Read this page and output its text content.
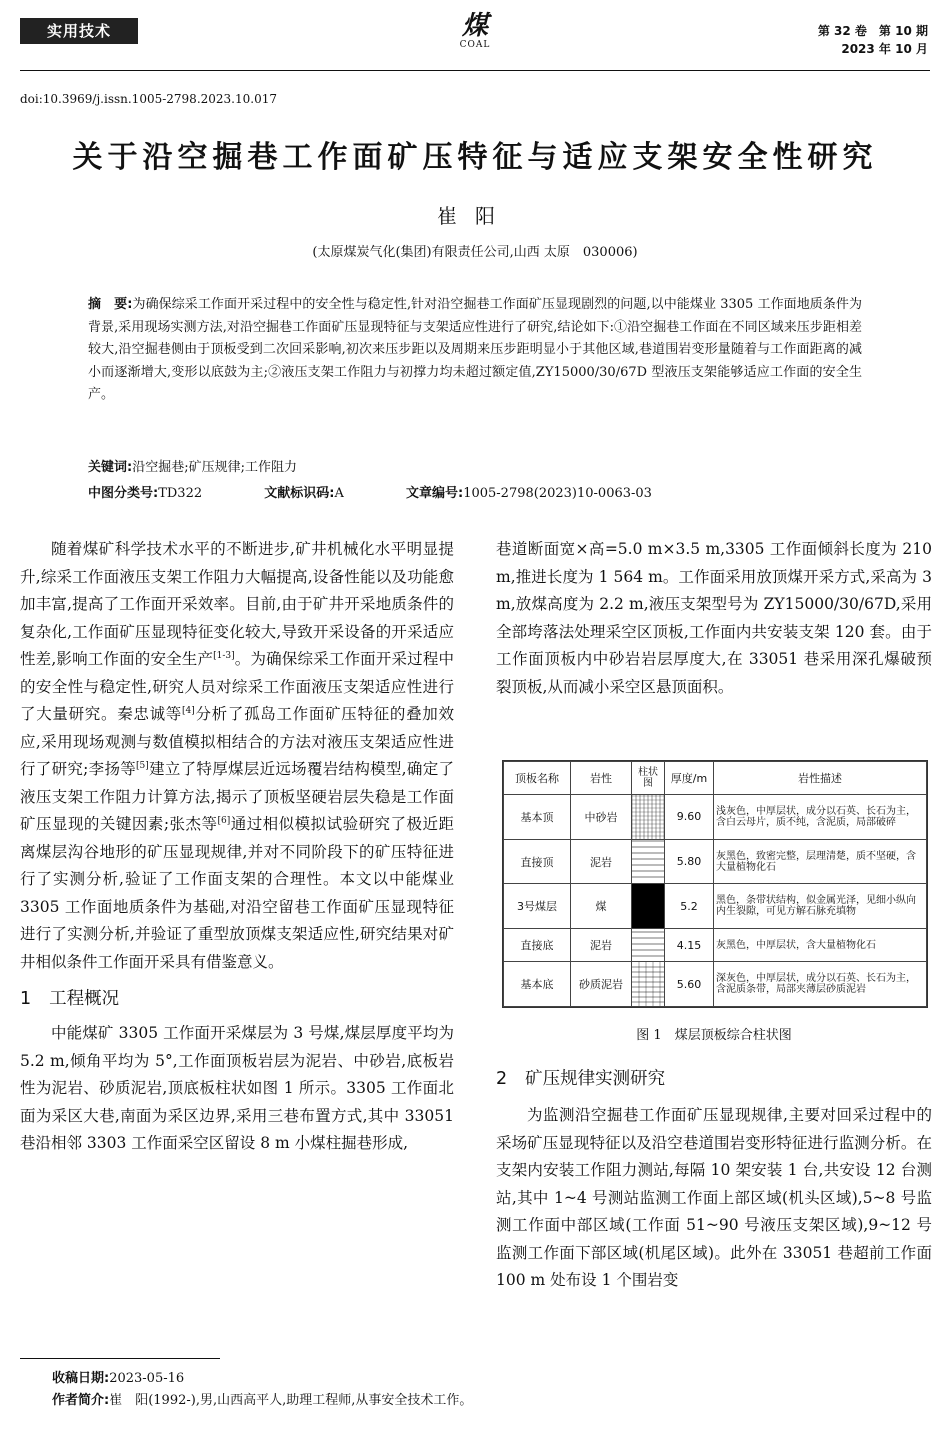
实用技术	煤
COAL
第 32 卷　第 10 期
2023 年 10 月
doi:10.3969/j.issn.1005-2798.2023.10.017
关于沿空掘巷工作面矿压特征与适应支架安全性研究
崔阳
(太原煤炭气化(集团)有限责任公司,山西 太原　030006)
摘　要:为确保综采工作面开采过程中的安全性与稳定性,针对沿空掘巷工作面矿压显现剧烈的问题,以中能煤业 3305 工作面地质条件为背景,采用现场实测方法,对沿空掘巷工作面矿压显现特征与支架适应性进行了研究,结论如下:①沿空掘巷工作面在不同区域来压步距相差较大,沿空掘巷侧由于顶板受到二次回采影响,初次来压步距以及周期来压步距明显小于其他区域,巷道围岩变形量随着与工作面距离的减小而逐渐增大,变形以底鼓为主;②液压支架工作阻力与初撑力均未超过额定值,ZY15000/30/67D 型液压支架能够适应工作面的安全生产。
关键词:沿空掘巷;矿压规律;工作阻力
中图分类号:TD322	文献标识码:A	文章编号:1005-2798(2023)10-0063-03

随着煤矿科学技术水平的不断进步,矿井机械化水平明显提升,综采工作面液压支架工作阻力大幅提高,设备性能以及功能愈加丰富,提高了工作面开采效率。目前,由于矿井开采地质条件的复杂化,工作面矿压显现特征变化较大,导致开采设备的开采适应性差,影响工作面的安全生产[1-3]。为确保综采工作面开采过程中的安全性与稳定性,研究人员对综采工作面液压支架适应性进行了大量研究。秦忠诚等[4]分析了孤岛工作面矿压特征的叠加效应,采用现场观测与数值模拟相结合的方法对液压支架适应性进行了研究;李扬等[5]建立了特厚煤层近远场覆岩结构模型,确定了液压支架工作阻力计算方法,揭示了顶板坚硬岩层失稳是工作面矿压显现的关键因素;张杰等[6]通过相似模拟试验研究了极近距离煤层沟谷地形的矿压显现规律,并对不同阶段下的矿压特征进行了实测分析,验证了工作面支架的合理性。本文以中能煤业 3305 工作面地质条件为基础,对沿空留巷工作面矿压显现特征进行了实测分析,并验证了重型放顶煤支架适应性,研究结果对矿井相似条件工作面开采具有借鉴意义。

1 工程概况

中能煤矿 3305 工作面开采煤层为 3 号煤,煤层厚度平均为 5.2 m,倾角平均为 5°,工作面顶板岩层为泥岩、中砂岩,底板岩性为泥岩、砂质泥岩,顶底板柱状如图 1 所示。3305 工作面北面为采区大巷,南面为采区边界,采用三巷布置方式,其中 33051 巷沿相邻 3303 工作面采空区留设 8 m 小煤柱掘巷形成,

巷道断面宽×高=5.0 m×3.5 m,3305 工作面倾斜长度为 210 m,推进长度为 1 564 m。工作面采用放顶煤开采方式,采高为 3 m,放煤高度为 2.2 m,液压支架型号为 ZY15000/30/67D,采用全部垮落法处理采空区顶板,工作面内共安装支架 120 套。由于工作面顶板内中砂岩岩层厚度大,在 33051 巷采用深孔爆破预裂顶板,从而减小采空区悬顶面积。

顶板名称	岩性	柱状图	厚度/m	岩性描述
基本顶	中砂岩		9.60	浅灰色，中厚层状，成分以石英、长石为主，含白云母片，质不纯，含泥质，局部破碎
直接顶	泥岩		5.80	灰黑色，致密完整，层理清楚，质不坚硬，含大量植物化石
3号煤层	煤		5.2	黑色，条带状结构，似金属光泽，见细小纵向内生裂隙，可见方解石脉充填物
直接底	泥岩		4.15	灰黑色，中厚层状，含大量植物化石
基本底	砂质泥岩		5.60	深灰色，中厚层状，成分以石英、长石为主，含泥质条带，局部夹薄层砂质泥岩
图 1　煤层顶板综合柱状图
2 矿压规律实测研究

为监测沿空掘巷工作面矿压显现规律,主要对回采过程中的采场矿压显现特征以及沿空巷道围岩变形特征进行监测分析。在支架内安装工作阻力测站,每隔 10 架安装 1 台,共安设 12 台测站,其中 1~4 号测站监测工作面上部区域(机头区域),5~8 号监测工作面中部区域(工作面 51~90 号液压支架区域),9~12 号监测工作面下部区域(机尾区域)。此外在 33051 巷超前工作面 100 m 处布设 1 个围岩变

收稿日期:2023-05-16
作者简介:崔　阳(1992-),男,山西高平人,助理工程师,从事安全技术工作。
